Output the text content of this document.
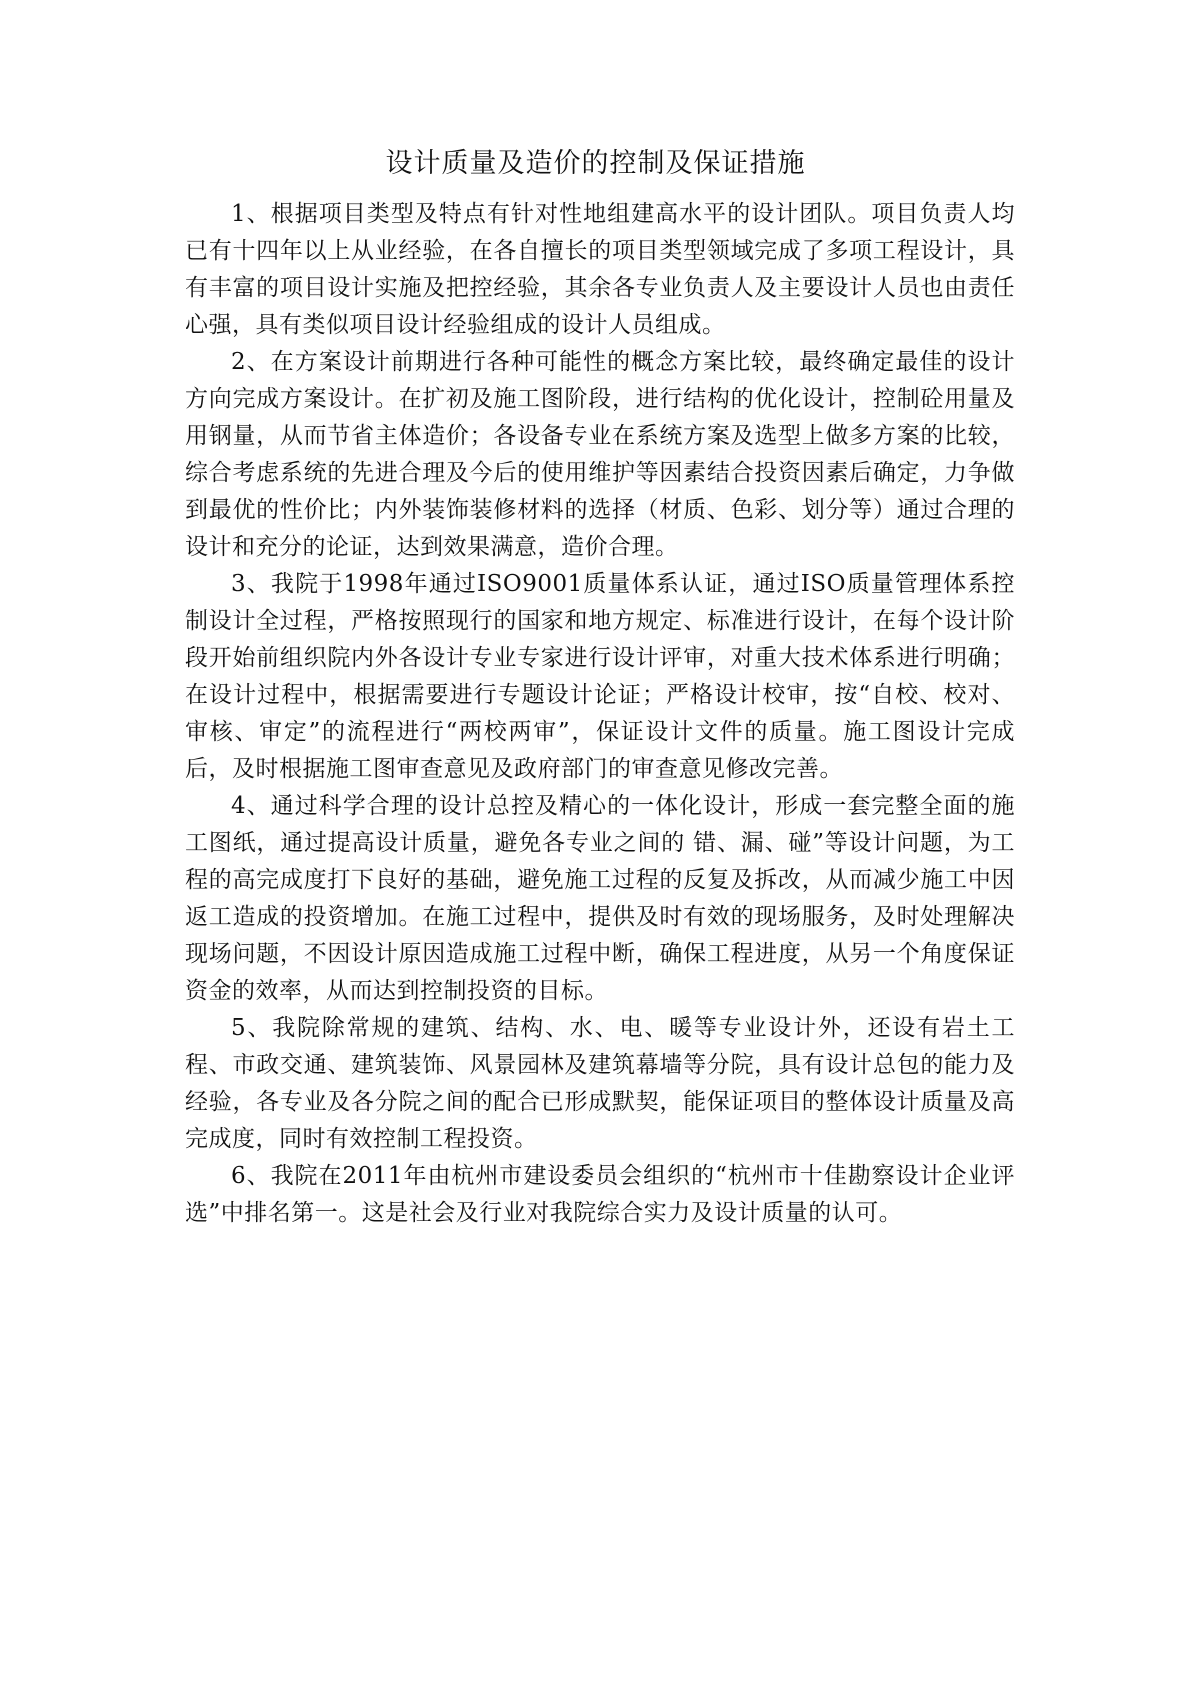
设计质量及造价的控制及保证措施

1、根据项目类型及特点有针对性地组建高水平的设计团队。项目负责人均已有十四年以上从业经验，在各自擅长的项目类型领域完成了多项工程设计，具有丰富的项目设计实施及把控经验，其余各专业负责人及主要设计人员也由责任心强，具有类似项目设计经验组成的设计人员组成。

2、在方案设计前期进行各种可能性的概念方案比较，最终确定最佳的设计方向完成方案设计。在扩初及施工图阶段，进行结构的优化设计，控制砼用量及用钢量，从而节省主体造价；各设备专业在系统方案及选型上做多方案的比较，综合考虑系统的先进合理及今后的使用维护等因素结合投资因素后确定，力争做到最优的性价比；内外装饰装修材料的选择（材质、色彩、划分等）通过合理的设计和充分的论证，达到效果满意，造价合理。

3、我院于1998年通过ISO9001质量体系认证，通过ISO质量管理体系控制设计全过程，严格按照现行的国家和地方规定、标准进行设计，在每个设计阶段开始前组织院内外各设计专业专家进行设计评审，对重大技术体系进行明确；在设计过程中，根据需要进行专题设计论证；严格设计校审，按“自校、校对、审核、审定”的流程进行“两校两审”，保证设计文件的质量。施工图设计完成后，及时根据施工图审查意见及政府部门的审查意见修改完善。

4、通过科学合理的设计总控及精心的一体化设计，形成一套完整全面的施工图纸，通过提高设计质量，避免各专业之间的 错、漏、碰”等设计问题，为工程的高完成度打下良好的基础，避免施工过程的反复及拆改，从而减少施工中因返工造成的投资增加。在施工过程中，提供及时有效的现场服务，及时处理解决现场问题，不因设计原因造成施工过程中断，确保工程进度，从另一个角度保证资金的效率，从而达到控制投资的目标。

5、我院除常规的建筑、结构、水、电、暖等专业设计外，还设有岩土工程、市政交通、建筑装饰、风景园林及建筑幕墙等分院，具有设计总包的能力及经验，各专业及各分院之间的配合已形成默契，能保证项目的整体设计质量及高完成度，同时有效控制工程投资。

6、我院在2011年由杭州市建设委员会组织的“杭州市十佳勘察设计企业评选”中排名第一。这是社会及行业对我院综合实力及设计质量的认可。
